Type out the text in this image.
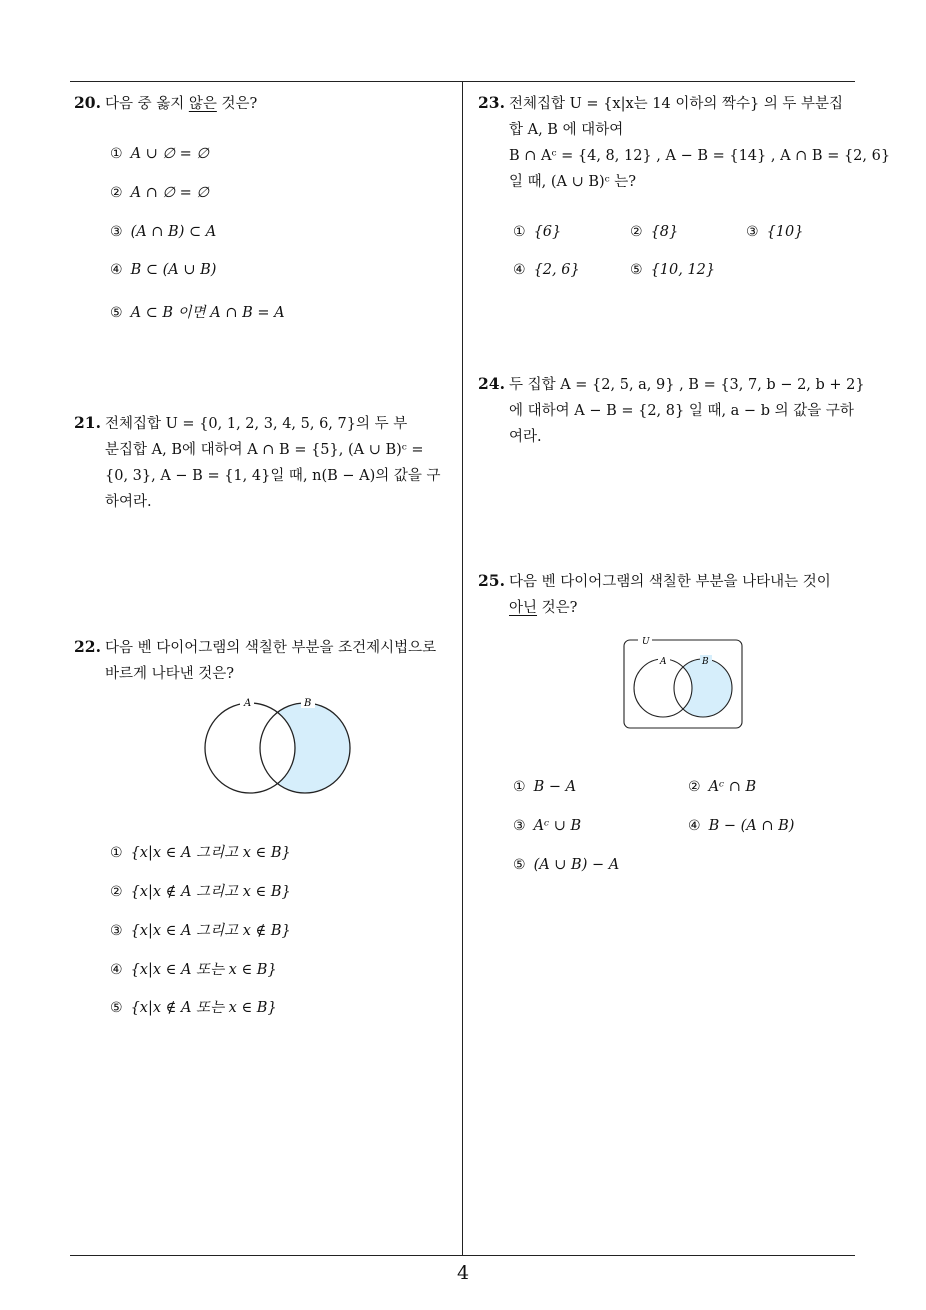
20. 다음 중 옳지 않은 것은?
① A ∪ ∅ = ∅
② A ∩ ∅ = ∅
③ (A ∩ B) ⊂ A
④ B ⊂ (A ∪ B)
⑤ A ⊂ B 이면 A ∩ B = A
21. 전체집합 U = {0, 1, 2, 3, 4, 5, 6, 7}의 두 부
분집합 A, B에 대하여 A ∩ B = {5}, (A ∪ B)ᶜ =
{0, 3}, A − B = {1, 4}일 때, n(B − A)의 값을 구
하여라.
22. 다음 벤 다이어그램의 색칠한 부분을 조건제시법으로
바르게 나타낸 것은?
A	B
① {x|x ∈ A 그리고 x ∈ B}
② {x|x ∉ A 그리고 x ∈ B}
③ {x|x ∈ A 그리고 x ∉ B}
④ {x|x ∈ A 또는 x ∈ B}
⑤ {x|x ∉ A 또는 x ∈ B}
23. 전체집합 U = {x|x는 14 이하의 짝수} 의 두 부분집
합 A, B 에 대하여
B ∩ Aᶜ = {4, 8, 12} , A − B = {14} , A ∩ B = {2, 6}
일 때, (A ∪ B)ᶜ 는?
① {6}	② {8}	③ {10}
④ {2, 6}	⑤ {10, 12}
24. 두 집합 A = {2, 5, a, 9} , B = {3, 7, b − 2, b + 2}
에 대하여 A − B = {2, 8} 일 때, a − b 의 값을 구하
여라.
25. 다음 벤 다이어그램의 색칠한 부분을 나타내는 것이
아닌 것은?
U
A	B
① B − A	② Aᶜ ∩ B
③ Aᶜ ∪ B	④ B − (A ∩ B)
⑤ (A ∪ B) − A
4
